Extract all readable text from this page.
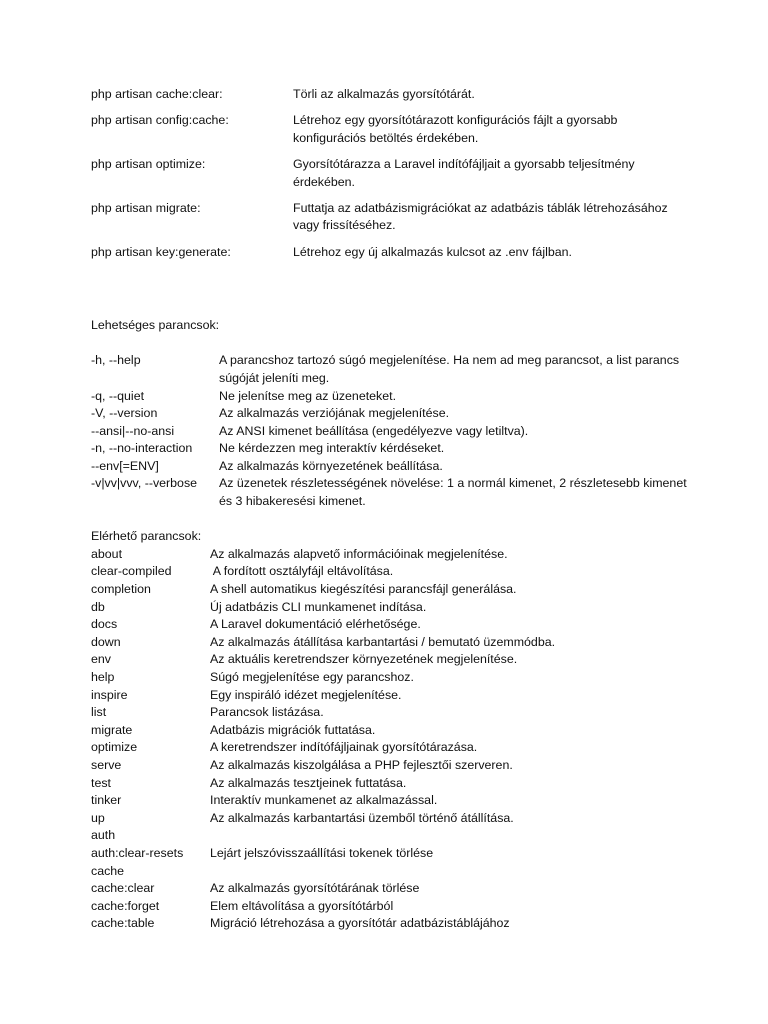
php artisan cache:clear:	Törli az alkalmazás gyorsítótárát.
php artisan config:cache:	Létrehoz egy gyorsítótárazott konfigurációs fájlt a gyorsabb konfigurációs betöltés érdekében.
php artisan optimize:	Gyorsítótárazza a Laravel indítófájljait a gyorsabb teljesítmény érdekében.
php artisan migrate:	Futtatja az adatbázismigrációkat az adatbázis táblák létrehozásához vagy frissítéséhez.
php artisan key:generate:	Létrehoz egy új alkalmazás kulcsot az .env fájlban.
Lehetséges parancsok:
-h, --help	A parancshoz tartozó súgó megjelenítése. Ha nem ad meg parancsot, a list parancs súgóját jeleníti meg.
-q, --quiet	Ne jelenítse meg az üzeneteket.
-V, --version	Az alkalmazás verziójának megjelenítése.
--ansi|--no-ansi	Az ANSI kimenet beállítása (engedélyezve vagy letiltva).
-n, --no-interaction	Ne kérdezzen meg interaktív kérdéseket.
--env[=ENV]	Az alkalmazás környezetének beállítása.
-v|vv|vvv, --verbose	Az üzenetek részletességének növelése: 1 a normál kimenet, 2 részletesebb kimenet és 3 hibakeresési kimenet.
Elérhető parancsok:
about	Az alkalmazás alapvető információinak megjelenítése.
clear-compiled	A fordított osztályfájl eltávolítása.
completion	A shell automatikus kiegészítési parancsfájl generálása.
db	Új adatbázis CLI munkamenet indítása.
docs	A Laravel dokumentáció elérhetősége.
down	Az alkalmazás átállítása karbantartási / bemutató üzemmódba.
env	Az aktuális keretrendszer környezetének megjelenítése.
help	Súgó megjelenítése egy parancshoz.
inspire	Egy inspiráló idézet megjelenítése.
list	Parancsok listázása.
migrate	Adatbázis migrációk futtatása.
optimize	A keretrendszer indítófájljainak gyorsítótárazása.
serve	Az alkalmazás kiszolgálása a PHP fejlesztői szerveren.
test	Az alkalmazás tesztjeinek futtatása.
tinker	Interaktív munkamenet az alkalmazással.
up	Az alkalmazás karbantartási üzemből történő átállítása.
auth

auth:clear-resets	Lejárt jelszóvisszaállítási tokenek törlése
cache

cache:clear	Az alkalmazás gyorsítótárának törlése
cache:forget	Elem eltávolítása a gyorsítótárból
cache:table	Migráció létrehozása a gyorsítótár adatbázistáblájához
